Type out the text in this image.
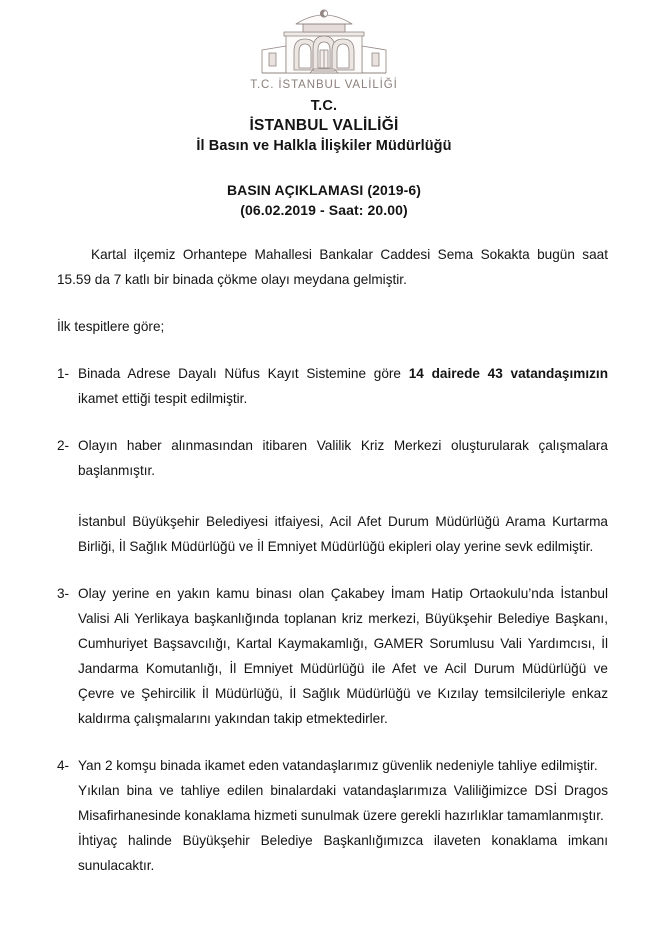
T.C. İSTANBUL VALİLİĞİ
T.C.
İSTANBUL VALİLİĞİ
İl Basın ve Halkla İlişkiler Müdürlüğü
BASIN AÇIKLAMASI (2019-6)
(06.02.2019 - Saat: 20.00)

Kartal ilçemiz Orhantepe Mahallesi Bankalar Caddesi Sema Sokakta bugün saat 15.59 da 7 katlı bir binada çökme olayı meydana gelmiştir.

İlk tespitlere göre;

1- Binada Adrese Dayalı Nüfus Kayıt Sistemine göre 14 dairede 43 vatandaşımızın ikamet ettiği tespit edilmiştir.

2- Olayın haber alınmasından itibaren Valilik Kriz Merkezi oluşturularak çalışmalara başlanmıştır.

İstanbul Büyükşehir Belediyesi itfaiyesi, Acil Afet Durum Müdürlüğü Arama Kurtarma Birliği, İl Sağlık Müdürlüğü ve İl Emniyet Müdürlüğü ekipleri olay yerine sevk edilmiştir.

3- Olay yerine en yakın kamu binası olan Çakabey İmam Hatip Ortaokulu’nda İstanbul Valisi Ali Yerlikaya başkanlığında toplanan kriz merkezi, Büyükşehir Belediye Başkanı, Cumhuriyet Başsavcılığı, Kartal Kaymakamlığı, GAMER Sorumlusu Vali Yardımcısı, İl Jandarma Komutanlığı, İl Emniyet Müdürlüğü ile Afet ve Acil Durum Müdürlüğü ve Çevre ve Şehircilik İl Müdürlüğü, İl Sağlık Müdürlüğü ve Kızılay temsilcileriyle enkaz kaldırma çalışmalarını yakından takip etmektedirler.

4- Yan 2 komşu binada ikamet eden vatandaşlarımız güvenlik nedeniyle tahliye edilmiştir.

Yıkılan bina ve tahliye edilen binalardaki vatandaşlarımıza Valiliğimizce DSİ Dragos Misafirhanesinde konaklama hizmeti sunulmak üzere gerekli hazırlıklar tamamlanmıştır.

İhtiyaç halinde Büyükşehir Belediye Başkanlığımızca ilaveten konaklama imkanı sunulacaktır.
